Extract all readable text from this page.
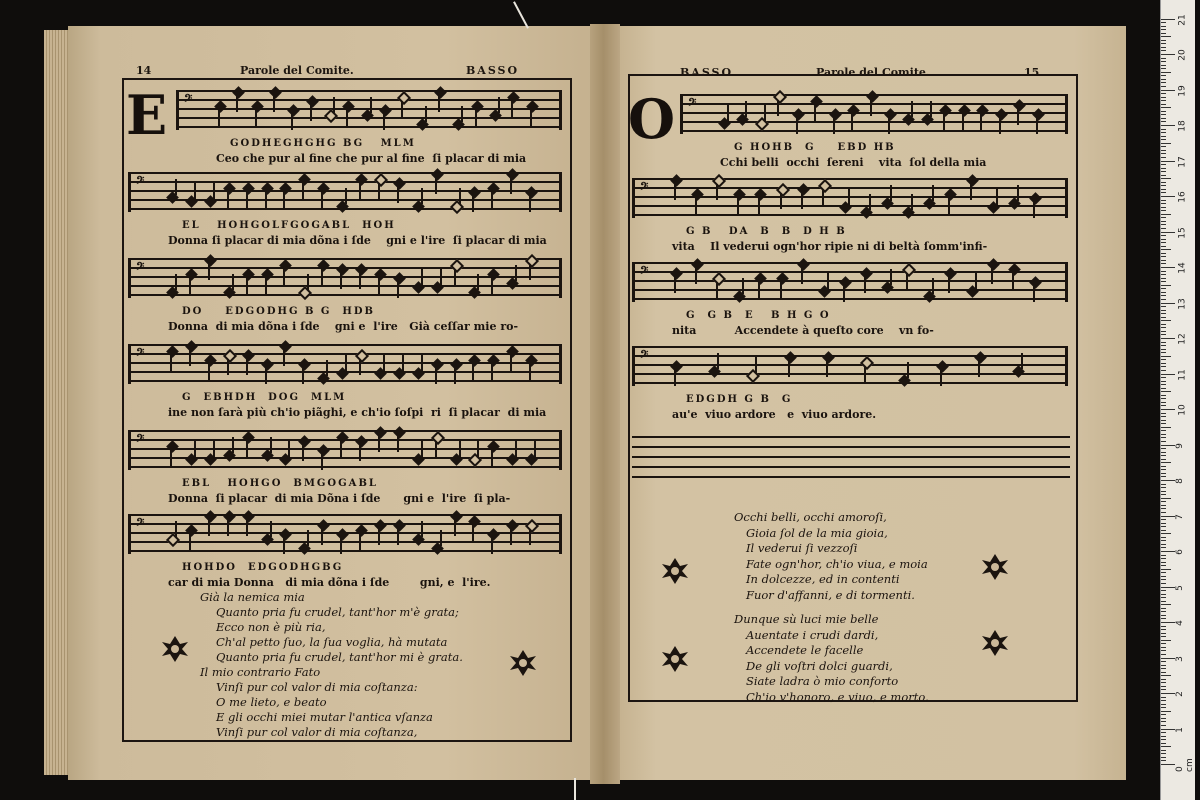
14	Parole del Comite.	BASSO
E
BASSO	Parole del Comite.	15
O
0 cm
1
2
3
4
5
6
7
8
9
10
11
12
13
14
15
16
17
18
19
20
21
𝄢
GODHEGHGHG BG   MLM
Ceo che pur al fine che pur al fine  ſi placar di mia
𝄢
EL   HOHGOLFGOGABL  HOH
Donna ſi placar di mia dõna i ſde    gni e l'ire  ſi placar di mia
𝄢
DO    EDGODHG B G  HDB
Donna  di mia dõna i ſde    gni e  l'ire   Già ceſſar mie ro-
𝄢
G  EBHDH  DOG  MLM
ine non ſarà più ch'io piãghi, e ch'io ſoſpi  ri  ſi placar  di mia
𝄢
EBL   HOHGO  BMGOGABL
Donna  ſi placar  di mia Dõna i ſde      gni e  l'ire  ſi pla-
𝄢
HOHDO  EDGODHGBG
car di mia Donna   di mia dõna i ſde        gni, e  l'ire.
𝄢
G HOHB  G    EBD HB
Cchi belli  occhi  ſereni    vita  ſol della mia
𝄢
G B   DA  B  B  D H B
vita    Il vederui ogn'hor ripie ni di beltà ſomm'infi-
𝄢
G  G B  E   B H G O
nita          Accendete à queſto core    vn fo-
𝄢
EDGDH G B  G
au'e  viuo ardore   e  viuo ardore.
Già la nemica mia
Quanto pria fu crudel, tant'hor m'è grata;
Ecco non è più ria,
Ch'al petto ſuo, la ſua voglia, hà mutata
Quanto pria fu crudel, tant'hor mi è grata.
Il mio contrario Fato
Vinſi pur col valor di mia coſtanza:
O me lieto, e beato
E gli occhi miei mutar l'antica vſanza
Vinſi pur col valor di mia coſtanza,
Occhi belli, occhi amoroſi,
Gioia ſol de la mia gioia,
Il vederui ſi vezzoſi
Fate ogn'hor, ch'io viua, e moia
In dolcezze, ed in contenti
Fuor d'affanni, e di tormenti.
Dunque sù luci mie belle
Auentate i crudi dardi,
Accendete le facelle
De gli voſtri dolci guardi,
Siate ladra ò mio conforto
Ch'io v'honoro, e viuo, e morto.
